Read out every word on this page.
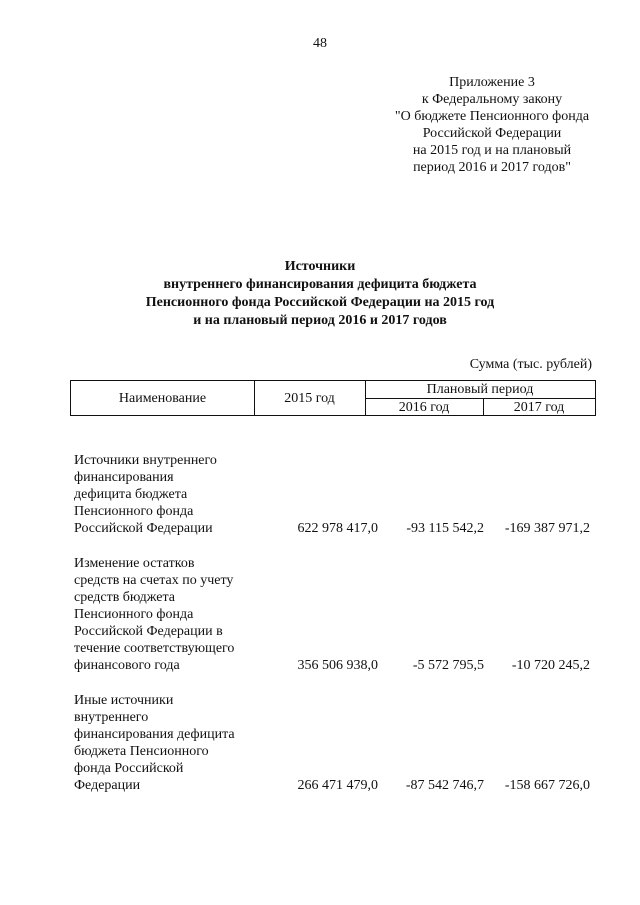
48
Приложение 3
к Федеральному закону
"О бюджете Пенсионного фонда
Российской Федерации
на 2015 год и на плановый
период 2016 и 2017 годов"
Источники
внутреннего финансирования дефицита бюджета
Пенсионного фонда Российской Федерации на 2015 год
и на плановый период 2016 и 2017 годов
Сумма (тыс. рублей)
Наименование	2015 год
Плановый период
2016 год	2017 год
Источники внутреннего
финансирования
дефицита бюджета
Пенсионного фонда
Российской Федерации	622 978 417,0 -93 115 542,2 -169 387 971,2
Изменение остатков
средств на счетах по учету
средств бюджета
Пенсионного фонда
Российской Федерации в
течение соответствующего
финансового года	356 506 938,0 -5 572 795,5 -10 720 245,2
Иные источники
внутреннего
финансирования дефицита
бюджета Пенсионного
фонда Российской
Федерации	266 471 479,0 -87 542 746,7 -158 667 726,0
